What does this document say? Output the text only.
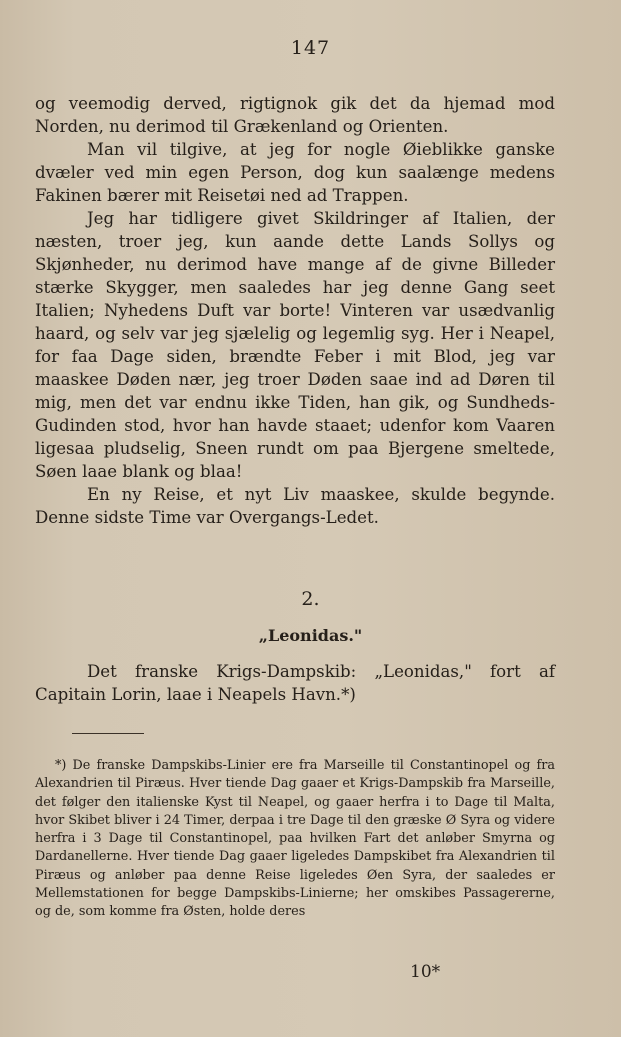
147

og veemodig derved, rigtignok gik det da hjemad mod Norden, nu derimod til Grækenland og Orienten.

Man vil tilgive, at jeg for nogle Øieblikke ganske dvæler ved min egen Person, dog kun saalænge medens Fakinen bærer mit Reisetøi ned ad Trappen.

Jeg har tidligere givet Skildringer af Italien, der næsten, troer jeg, kun aande dette Lands Sollys og Skjønheder, nu derimod have mange af de givne Billeder stærke Skygger, men saaledes har jeg denne Gang seet Italien; Nyhedens Duft var borte! Vinteren var usædvanlig haard, og selv var jeg sjælelig og legemlig syg. Her i Neapel, for faa Dage siden, brændte Feber i mit Blod, jeg var maaskee Døden nær, jeg troer Døden saae ind ad Døren til mig, men det var endnu ikke Tiden, han gik, og Sundheds-Gudinden stod, hvor han havde staaet; udenfor kom Vaaren ligesaa pludselig, Sneen rundt om paa Bjergene smeltede, Søen laae blank og blaa!

En ny Reise, et nyt Liv maaskee, skulde begynde. Denne sidste Time var Overgangs-Ledet.

2.
„Leonidas."

Det franske Krigs-Dampskib: „Leonidas," fort af Capitain Lorin, laae i Neapels Havn.*)

*) De franske Dampskibs-Linier ere fra Marseille til Constantinopel og fra Alexandrien til Piræus. Hver tiende Dag gaaer et Krigs-Dampskib fra Marseille, det følger den italienske Kyst til Neapel, og gaaer herfra i to Dage til Malta, hvor Skibet bliver i 24 Timer, derpaa i tre Dage til den græske Ø Syra og videre herfra i 3 Dage til Constantinopel, paa hvilken Fart det anløber Smyrna og Dardanellerne. Hver tiende Dag gaaer ligeledes Dampskibet fra Alexandrien til Piræus og anløber paa denne Reise ligeledes Øen Syra, der saaledes er Mellemstationen for begge Dampskibs-Linierne; her omskibes Passagererne, og de, som komme fra Østen, holde deres

10*
